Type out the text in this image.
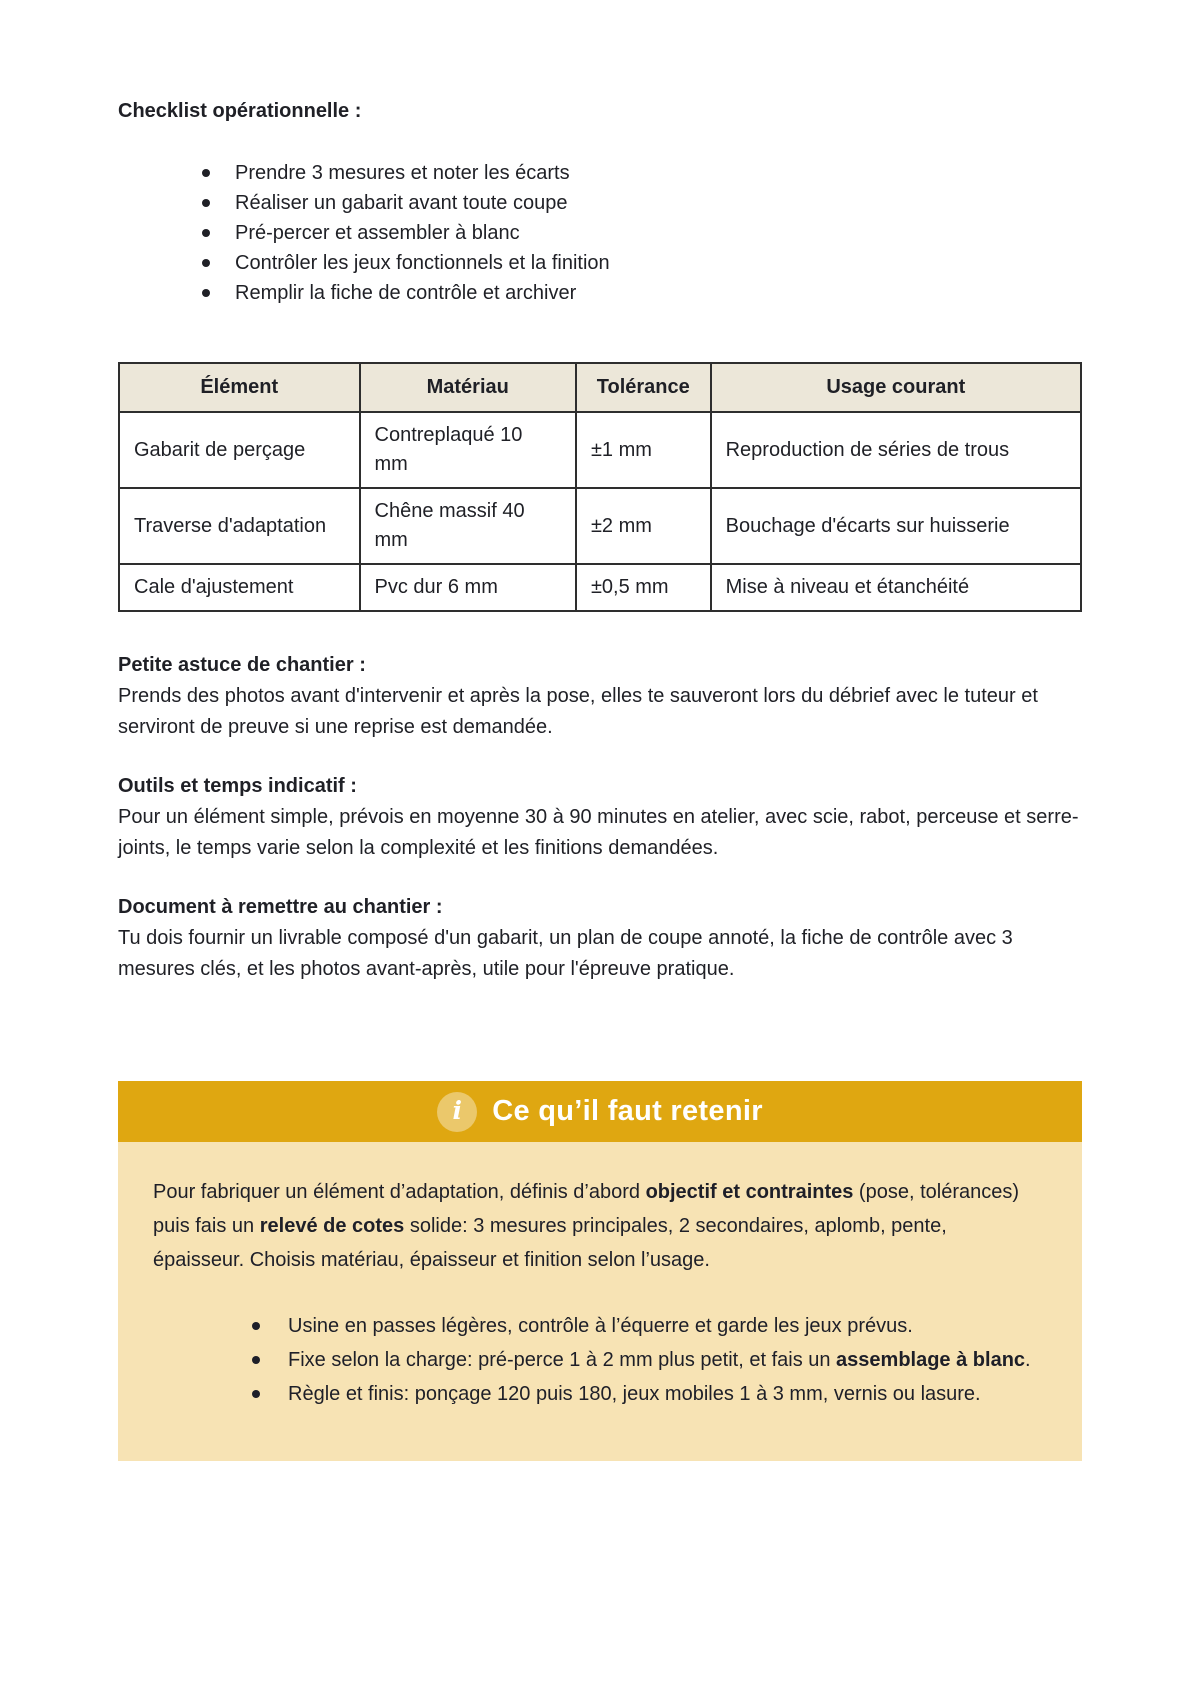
Checklist opérationnelle :
Prendre 3 mesures et noter les écarts
Réaliser un gabarit avant toute coupe
Pré-percer et assembler à blanc
Contrôler les jeux fonctionnels et la finition
Remplir la fiche de contrôle et archiver
Élément	Matériau	Tolérance	Usage courant
Gabarit de perçage	Contreplaqué 10 mm	±1 mm	Reproduction de séries de trous
Traverse d'adaptation	Chêne massif 40 mm	±2 mm	Bouchage d'écarts sur huisserie
Cale d'ajustement	Pvc dur 6 mm	±0,5 mm	Mise à niveau et étanchéité
Petite astuce de chantier :
Prends des photos avant d'intervenir et après la pose, elles te sauveront lors du débrief avec le tuteur et serviront de preuve si une reprise est demandée.
Outils et temps indicatif :
Pour un élément simple, prévois en moyenne 30 à 90 minutes en atelier, avec scie, rabot, perceuse et serre-joints, le temps varie selon la complexité et les finitions demandées.
Document à remettre au chantier :
Tu dois fournir un livrable composé d'un gabarit, un plan de coupe annoté, la fiche de contrôle avec 3 mesures clés, et les photos avant-après, utile pour l'épreuve pratique.
i Ce qu’il faut retenir

Pour fabriquer un élément d’adaptation, définis d’abord objectif et contraintes (pose, tolérances) puis fais un relevé de cotes solide: 3 mesures principales, 2 secondaires, aplomb, pente, épaisseur. Choisis matériau, épaisseur et finition selon l’usage.

Usine en passes légères, contrôle à l’équerre et garde les jeux prévus.
Fixe selon la charge: pré-perce 1 à 2 mm plus petit, et fais un assemblage à blanc.
Règle et finis: ponçage 120 puis 180, jeux mobiles 1 à 3 mm, vernis ou lasure.
